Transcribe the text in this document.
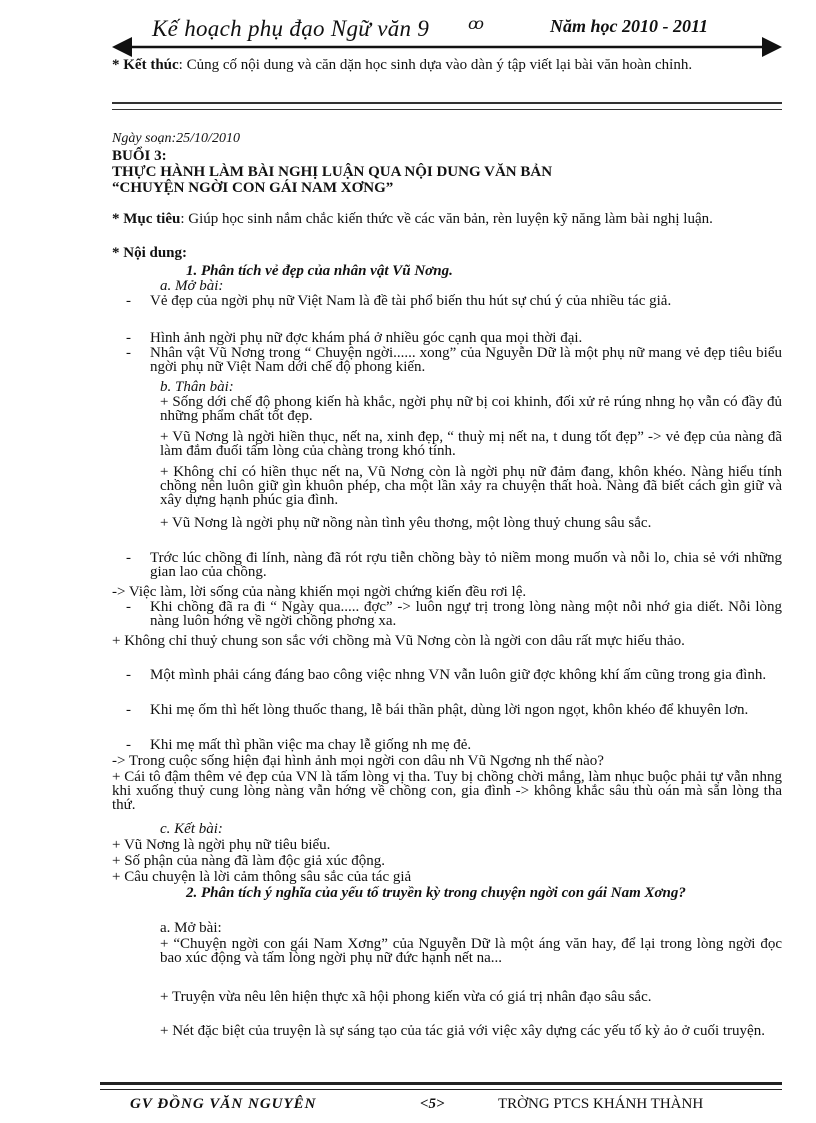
Kế hoạch phụ đạo Ngữ văn 9 ꝏ	Năm học 2010 - 2011
* Kết thúc: Củng cố nội dung và căn dặn học sinh dựa vào dàn ý tập viết lại bài văn hoàn chỉnh.
Ngày soạn:25/10/2010
BUỔI 3:
THỰC HÀNH LÀM BÀI NGHỊ LUẬN QUA NỘI DUNG VĂN BẢN
“CHUYỆN NGỜI CON GÁI NAM XƠNG”
* Mục tiêu: Giúp học sinh nắm chắc kiến thức về các văn bản, rèn luyện kỹ năng làm bài nghị luận.
* Nội dung:
1. Phân tích vẻ đẹp của nhân vật Vũ Nơng.
a. Mở bài:
- Vẻ đẹp của ngời phụ nữ Việt Nam là đề tài phổ biến thu hút sự chú ý của nhiều tác giả.
- Hình ảnh ngời phụ nữ đợc khám phá ở nhiều góc cạnh qua mọi thời đại.
- Nhân vật Vũ Nơng trong “ Chuyện ngời...... xong” của Nguyễn Dữ là một phụ nữ mang vẻ đẹp tiêu biểu ngời phụ nữ Việt Nam dới chế độ phong kiến.
b. Thân bài:
+ Sống dới chế độ phong kiến hà khắc, ngời phụ nữ bị coi khinh, đối xử rẻ rúng nhng họ vẫn có đầy đủ những phẩm chất tốt đẹp.
+ Vũ Nơng là ngời hiền thục, nết na, xinh đẹp, “ thuỳ mị nết na, t dung tốt đẹp” -> vẻ đẹp của nàng đã làm đắm đuối tấm lòng của chàng trong khó tính.
+ Không chỉ có hiền thục nết na, Vũ Nơng còn là ngời phụ nữ đảm đang, khôn khéo. Nàng hiểu tính chồng nên luôn giữ gìn khuôn phép, cha một lần xảy ra chuyện thất hoà. Nàng đã biết cách gìn giữ và xây dựng hạnh phúc gia đình.
+ Vũ Nơng là ngời phụ nữ nồng nàn tình yêu thơng, một lòng thuỷ chung sâu sắc.
- Trớc lúc chồng đi lính, nàng đã rót rợu tiễn chồng bày tỏ niềm mong muốn và nỗi lo, chia sẻ với những gian lao của chồng.
-> Việc làm, lời sống của nàng khiến mọi ngời chứng kiến đều rơi lệ.
- Khi chồng đã ra đi “ Ngày qua..... đợc” -> luôn ngự trị trong lòng nàng một nỗi nhớ gia diết. Nỗi lòng nàng luôn hớng về ngời chồng phơng xa.
+ Không chỉ thuỷ chung son sắc với chồng mà Vũ Nơng còn là ngời con dâu rất mực hiếu thảo.
- Một mình phải cáng đáng bao công việc nhng VN vẫn luôn giữ đợc không khí ấm cũng trong gia đình.
- Khi mẹ ốm thì hết lòng thuốc thang, lễ bái thần phật, dùng lời ngon ngọt, khôn khéo để khuyên lơn.
- Khi mẹ mất thì phần việc ma chay lễ giống nh mẹ đẻ.
-> Trong cuộc sống hiện đại hình ảnh mọi ngời con dâu nh Vũ Ngơng nh thế nào?
+ Cái tô đậm thêm vẻ đẹp của VN là tấm lòng vị tha. Tuy bị chồng chời mắng, làm nhục buộc phải tự vẫn nhng khi xuống thuỷ cung lòng nàng vẫn hớng về chồng con, gia đình -> không khắc sâu thù oán mà sẵn lòng tha thứ.
c. Kết bài:
+ Vũ Nơng là ngời phụ nữ tiêu biểu.
+ Số phận của nàng đã làm độc giả xúc động.
+ Câu chuyện là lời cảm thông sâu sắc của tác giả
2. Phân tích ý nghĩa của yếu tố truyền kỳ trong chuyện ngời con gái Nam Xơng?
a. Mở bài:
+ “Chuyện ngời con gái Nam Xơng” của Nguyễn Dữ là một áng văn hay, để lại trong lòng ngời đọc bao xúc động và tấm lòng ngời phụ nữ đức hạnh nết na...
+ Truyện vừa nêu lên hiện thực xã hội phong kiến vừa có giá trị nhân đạo sâu sắc.
+ Nét đặc biệt của truyện là sự sáng tạo của tác giả với việc xây dựng các yếu tố kỳ ảo ở cuối truyện.
GV ĐỒNG VĂN NGUYÊN	<5>	TRỜNG PTCS KHÁNH THÀNH
